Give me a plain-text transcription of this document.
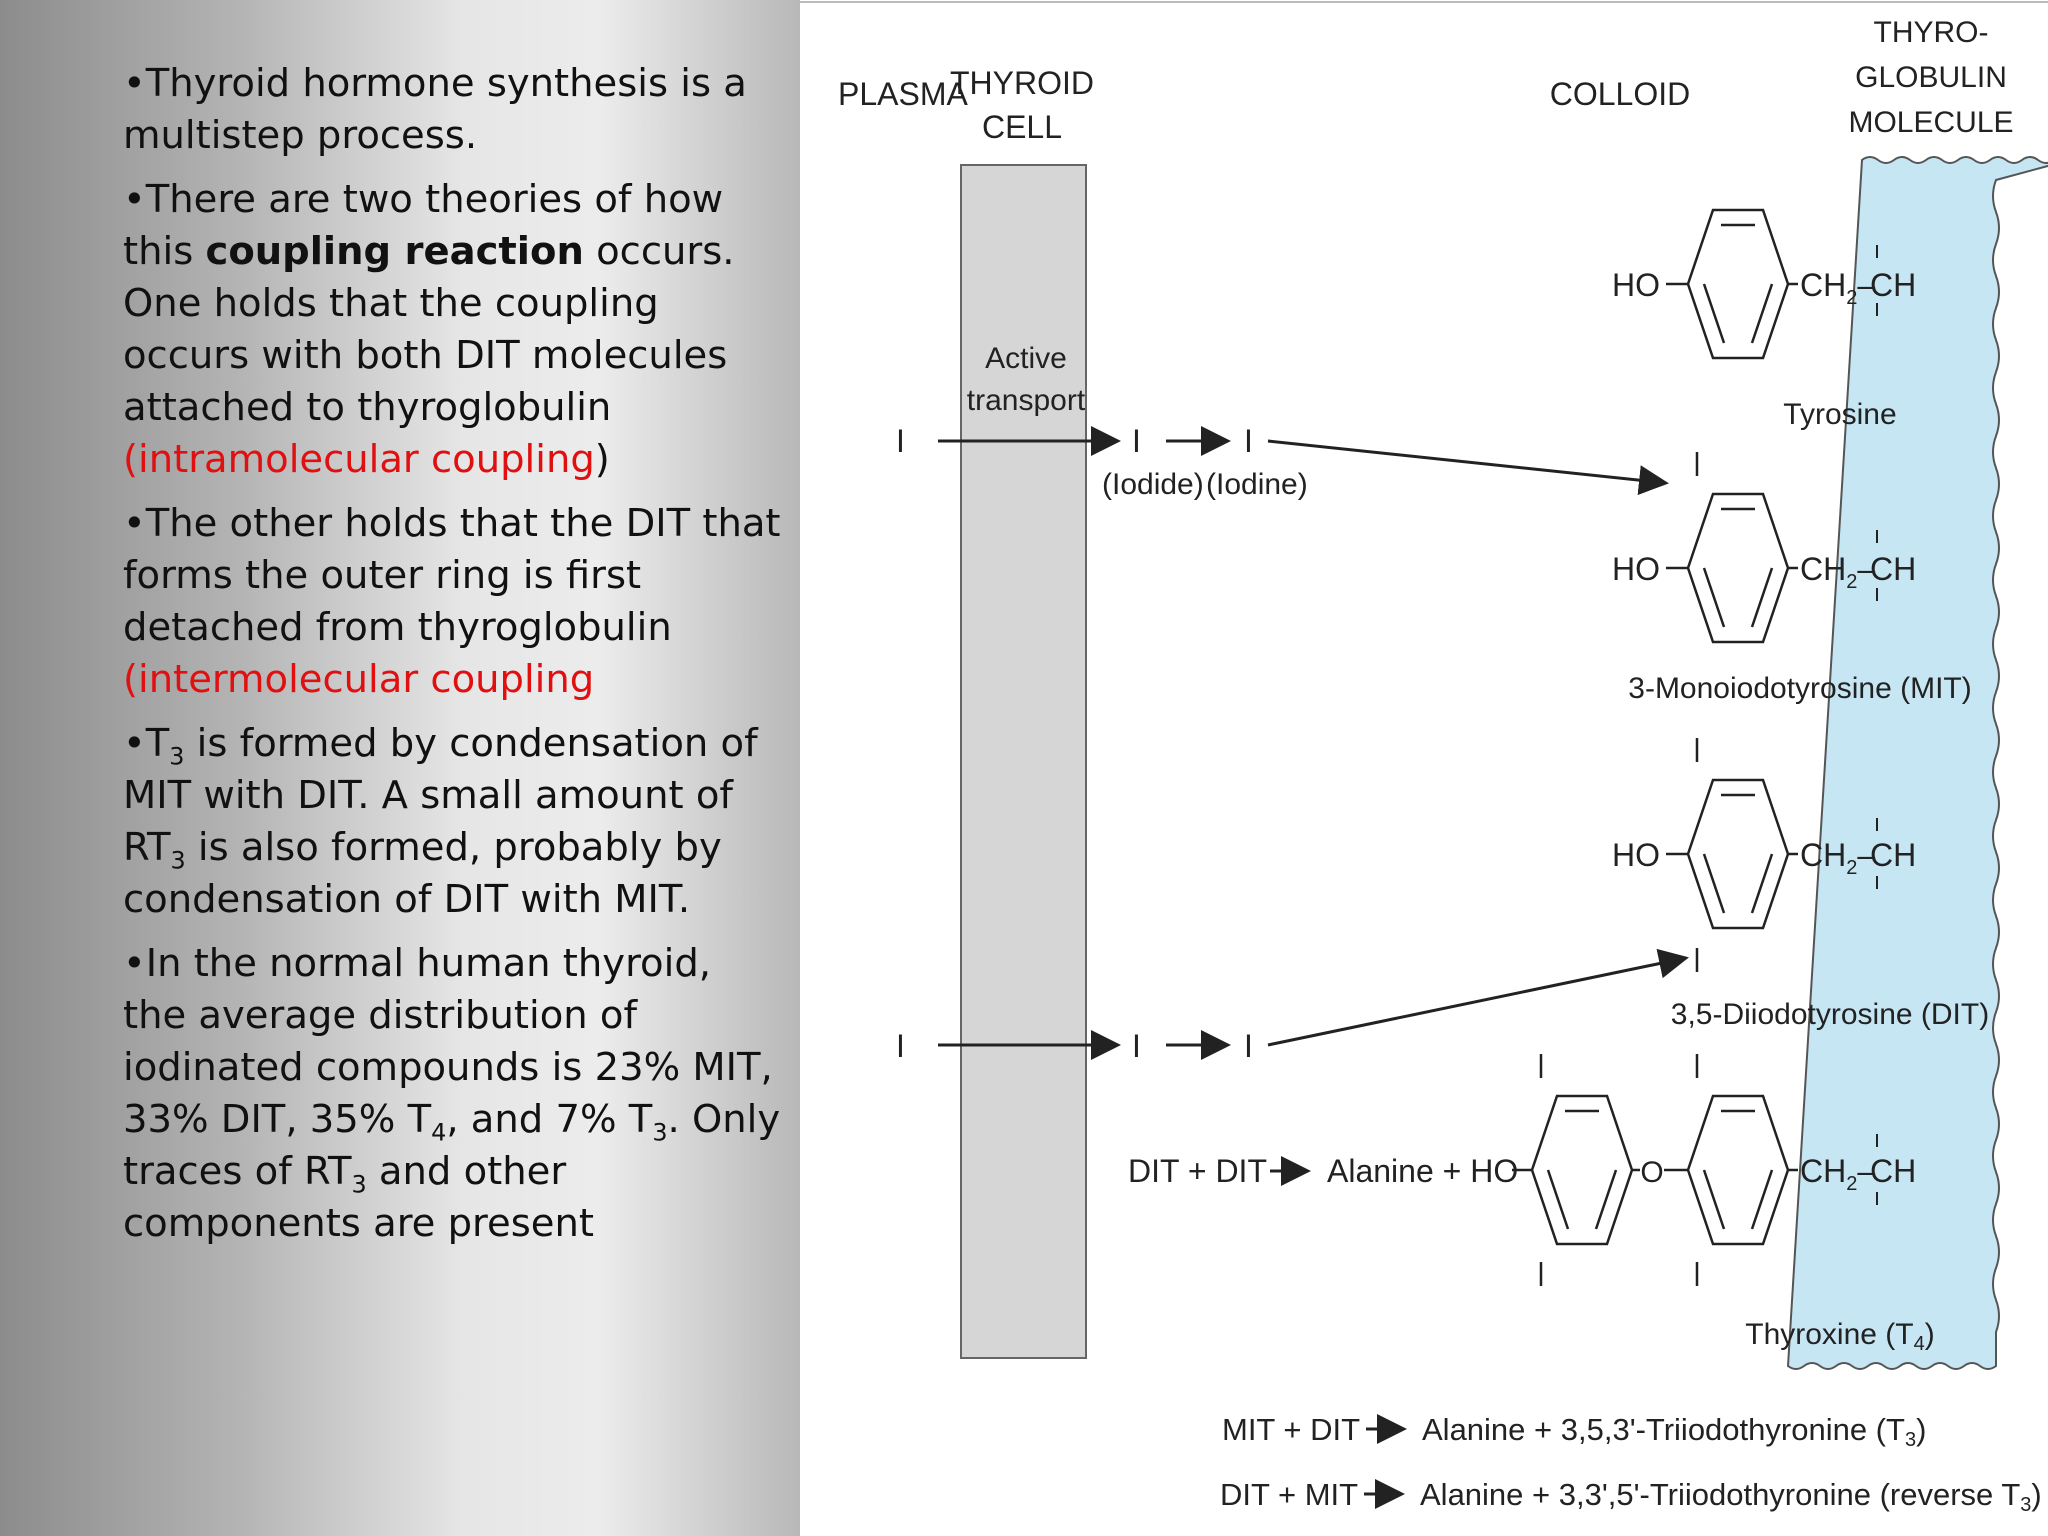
•Thyroid hormone synthesis is a multistep process.

•There are two theories of how this coupling reaction occurs. One holds that the coupling occurs with both DIT molecules attached to thyroglobulin (intramolecular coupling)

•The other holds that the DIT that forms the outer ring is first detached from thyroglobulin (intermolecular coupling

$•T_3$ is formed by condensation of MIT with DIT. A small amount of $RT_3$ is also formed, probably by condensation of DIT with MIT.

•In the normal human thyroid, the average distribution of iodinated compounds is 23% MIT, 33% DIT, 35% $T_4$, and 7% $T_3$. Only traces of $RT_3$ and other components are present

PLASMA
THYROID
CELL
COLLOID
THYRO-
GLOBULIN
MOLECULE
Active
transport
I	I	I
(Iodide) (Iodine)
I	I	I
HO	$CH_2-$
CH
Tyrosine
HO	$CH_2-$
CH
3-Monoiodotyrosine (MIT)
HO	$CH_2-$
CH
3,5-Diiodotyrosine (DIT)
O	$CH_2-$
CH
Thyroxine $(T_4)$
DIT + DIT Alanine + HO
MIT + DIT Alanine + 3,5,3'-Triiodothyronine (T3)
DIT + MIT Alanine + 3,3',5'-Triiodothyronine (reverse T3)
